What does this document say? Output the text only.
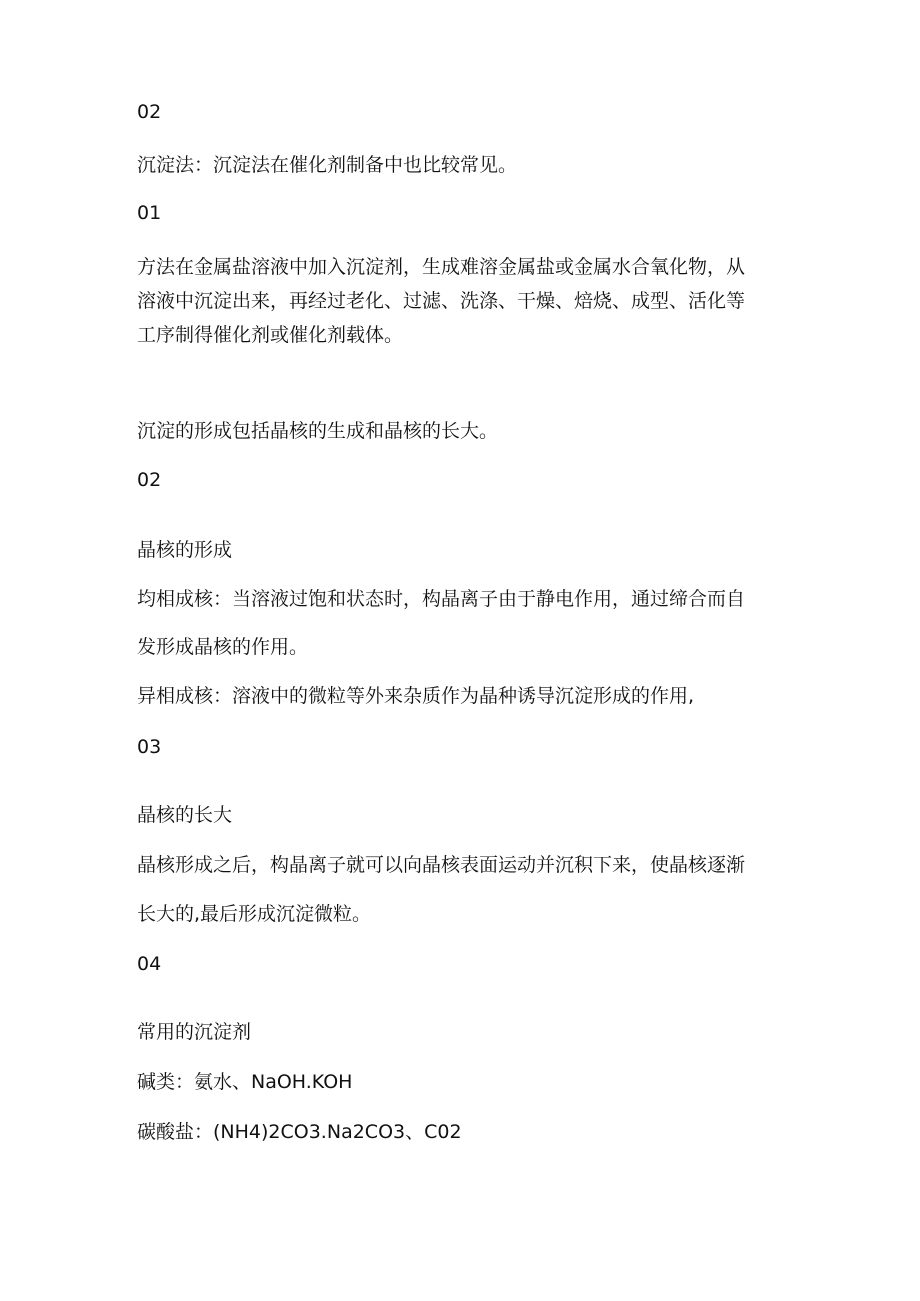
02

沉淀法：沉淀法在催化剂制备中也比较常见。

01

方法在金属盐溶液中加入沉淀剂，生成难溶金属盐或金属水合氧化物，从

溶液中沉淀出来，再经过老化、过滤、洗涤、干燥、焙烧、成型、活化等

工序制得催化剂或催化剂载体。

沉淀的形成包括晶核的生成和晶核的长大。

02

晶核的形成

均相成核：当溶液过饱和状态时，构晶离子由于静电作用，通过缔合而自

发形成晶核的作用。

异相成核：溶液中的微粒等外来杂质作为晶种诱导沉淀形成的作用,

03

晶核的长大

晶核形成之后，构晶离子就可以向晶核表面运动并沉积下来，使晶核逐渐

长大的,最后形成沉淀微粒。

04

常用的沉淀剂

碱类：氨水、NaOH.KOH

碳酸盐：(NH4)2CO3.Na2CO3、C02
